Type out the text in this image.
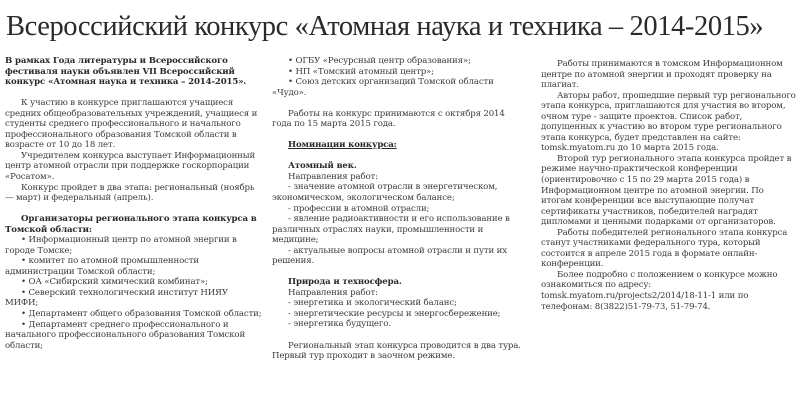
Всероссийский конкурс «Атомная наука и техника – 2014-2015»

В рамках Года литературы и Всероссийского фестиваля науки объявлен VII Всероссийский конкурс «Атомная наука и техника – 2014-2015».

К участию в конкурсе приглашаются учащиеся средних общеобразовательных учреждений, учащиеся и студенты среднего профессионального и начального профессионального образования Томской области в возрасте от 10 до 18 лет.

Учредителем конкурса выступает Информационный центр атомной отрасли при поддержке госкорпорации «Росатом».

Конкурс пройдет в два этапа: региональный (ноябрь — март) и федеральный (апрель).

Организаторы регионального этапа конкурса в Томской области:

• Информационный центр по атомной энергии в городе Томске;

• комитет по атомной промышленности администрации Томской области;

• ОА «Сибирский химический комбинат»;

• Северский технологический институт НИЯУ МИФИ;

• Департамент общего образования Томской области;

• Департамент среднего профессионального и начального профессионального образования Томской области;

• ОГБУ «Ресурсный центр образования»;

• НП «Томский атомный центр»;

• Союз детских организаций Томской области «Чудо».

Работы на конкурс принимаются с октября 2014 года по 15 марта 2015 года.

Номинации конкурса:

Атомный век.

Направления работ:

- значение атомной отрасли в энергетическом, экономическом, экологическом балансе;

- профессии в атомной отрасли;

- явление радиоактивности и его использование в различных отраслях науки, промышленности и медицине;

- актуальные вопросы атомной отрасли и пути их решения.

Природа и техносфера.

Направления работ:

- энергетика и экологический баланс;

- энергетические ресурсы и энергосбережение;

- энергетика будущего.

Региональный этап конкурса проводится в два тура. Первый тур проходит в заочном режиме.

Работы принимаются в томском Информационном центре по атомной энергии и проходят проверку на плагиат.

Авторы работ, прошедшие первый тур регионального этапа конкурса, приглашаются для участия во втором, очном туре - защите проектов. Список работ, допущенных к участию во втором туре регионального этапа конкурса, будет представлен на сайте: tomsk.myatom.ru до 10 марта 2015 года.

Второй тур регионального этапа конкурса пройдет в режиме научно-практической конференции (ориентировочно с 15 по 29 марта 2015 года) в Информационном центре по атомной энергии. По итогам конференции все выступающие получат сертификаты участников, победителей наградят дипломами и ценными подарками от организаторов.

Работы победителей регионального этапа конкурса станут участниками федерального тура, который состоится в апреле 2015 года в формате онлайн-конференции.

Более подробно с положением о конкурсе можно ознакомиться по адресу: tomsk.myatom.ru/projects2/2014/18-11-1 или по телефонам: 8(3822)51-79-73, 51-79-74.
